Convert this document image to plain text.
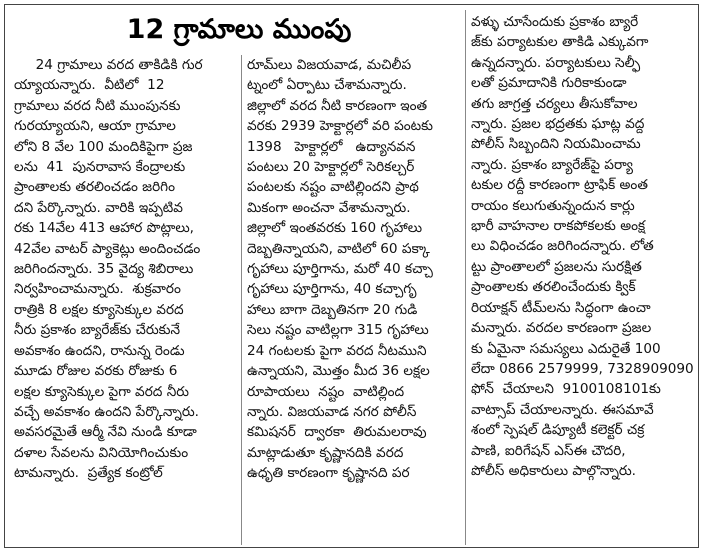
12 గ్రామాలు ముంపు
24 గ్రామాలు వరద తాకిడికి గుర
య్యాయన్నారు.  వీటిలో  12
గ్రామాలు వరద నీటి ముంపునకు
గురయ్యాయని, ఆయా గ్రామాల
లోని 8 వేల 100 మందికిపైగా ప్రజ
లను  41  పునరావాస కేంద్రాలకు
ప్రాంతాలకు తరలించడం జరిగిం
దని పేర్కొన్నారు. వారికి ఇప్పటివ
రకు 14వేల 413 ఆహార పొట్లాలు,
42వేల వాటర్ ప్యాకెట్లు అందించడం
జరిగిందన్నారు. 35 వైద్య శిబిరాలు
నిర్వహించామన్నారు.  శుక్రవారం
రాత్రికి 8 లక్షల క్యూసెక్కుల వరద
నీరు ప్రకాశం బ్యారేజ్‌కు చేరుకునే
అవకాశం ఉందని, రానున్న రెండు
మూడు రోజుల వరకు రోజుకు 6
లక్షల క్యూసెక్కుల పైగా వరద నీరు
వచ్చే అవకాశం ఉందని పేర్కొన్నారు.
అవసరమైతే ఆర్మీ నేవి నుండి కూడా
దళాల సేవలను వినియోగించుకుం
టామన్నారు.  ప్రత్యేక కంట్రోల్
రూమ్‌లు విజయవాడ, మచిలీప
ట్నంలో ఏర్పాటు చేశామన్నారు.
జిల్లాలో వరద నీటి కారణంగా ఇంత
వరకు 2939 హెక్టార్లలో వరి పంటకు
1398   హెక్టార్లలో   ఉద్యానవన
పంటలు 20 హెక్టార్లలో సెరికల్చర్
పంటలకు నష్టం వాటిల్లిందని ప్రాథ
మికంగా అంచనా వేశామన్నారు.
జిల్లాలో ఇంతవరకు 160 గృహాలు
దెబ్బతిన్నాయని, వాటిలో 60 పక్కా
గృహాలు పూర్తిగాను, మరో 40 కచ్చా
గృహాలు పూర్తిగాను, 40 కచ్చాగృ
హాలు బాగా దెబ్బతినగా 20 గుడి
సెలు నష్టం వాటిల్లగా 315 గృహాలు
24 గంటలకు పైగా వరద నీటముని
ఉన్నాయని, మొత్తం మీద 36 లక్షల
రూపాయలు  నష్టం  వాటిల్లింద
న్నారు. విజయవాడ నగర పోలీస్
కమిషనర్  ద్వారకా  తిరుమలరావు
మాట్లాడుతూ కృష్ణానదికి వరద
ఉధృతి కారణంగా కృష్ణానది పర
వళ్ళు చూసేందుకు ప్రకాశం బ్యారే
జ్‌కు పర్యాటకుల తాకిడి ఎక్కువగా
ఉన్నదన్నారు. పర్యాటకులు సెల్ఫీ
లతో ప్రమాదానికి గురికాకుండా
తగు జాగ్రత్త చర్యలు తీసుకోవాల
న్నారు. ప్రజల భద్రతకు ఘాట్ల వద్ద
పోలీస్ సిబ్బందిని నియమించామ
న్నారు. ప్రకాశం బ్యారేజ్‌పై పర్యా
టకుల రద్దీ కారణంగా ట్రాఫిక్ అంత
రాయం కలుగుతున్నందున కార్లు
భారీ వాహనాల రాకపోకలకు అంక్ష
లు విధించడం జరిగిందన్నారు. లోత
ట్టు ప్రాంతాలలో ప్రజలను సురక్షిత
ప్రాంతాలకు తరలించేందుకు క్విక్
రియాక్షన్ టీమ్‌లను సిద్ధంగా ఉంచా
మన్నారు. వరదల కారణంగా ప్రజల
కు ఏమైనా సమస్యలు ఎదురైతే 100
లేదా 0866 2579999, 7328909090
ఫోన్  చేయాలని  9100108101కు
వాట్సాప్ చేయాలన్నారు. ఈసమావే
శంలో స్పెషల్ డిప్యూటీ కలెక్టర్ చక్ర
పాణి, ఐరిగేషన్ ఎస్ఈ చౌదరి,
పోలీస్ అధికారులు పాల్గొన్నారు.
